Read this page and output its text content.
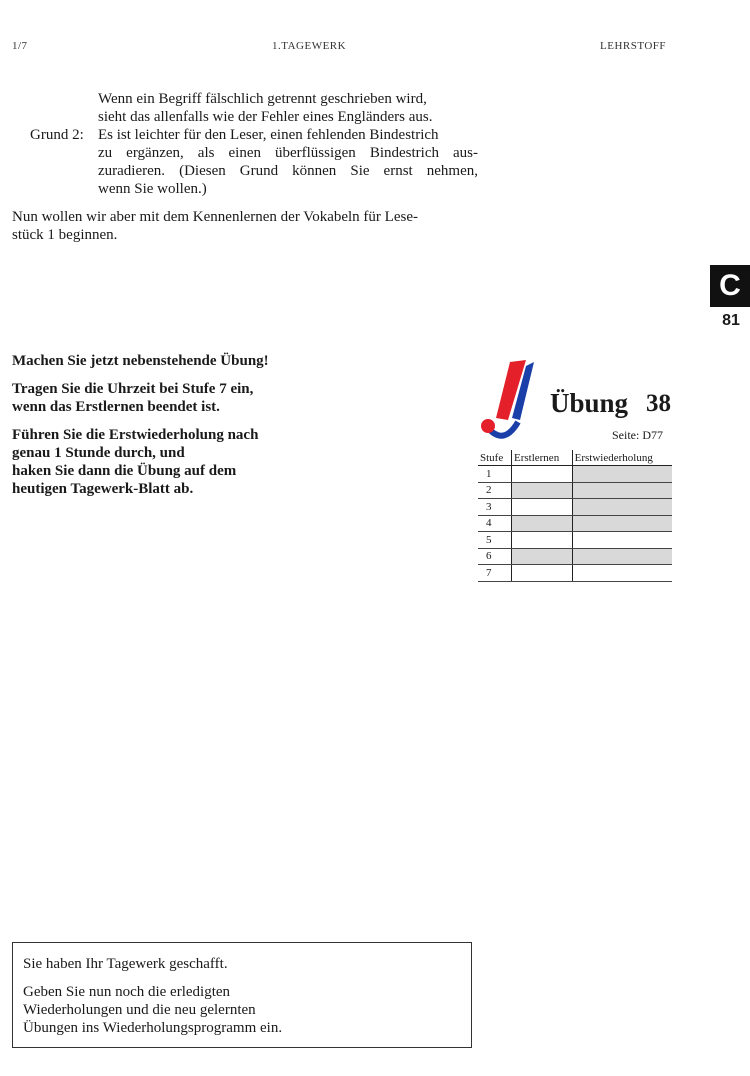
1/7	1.TAGEWERK	LEHRSTOFF
C
81
Wenn ein Begriff fälschlich getrennt geschrieben wird,
sieht das allenfalls wie der Fehler eines Engländers aus.
Grund 2: Es ist leichter für den Leser, einen fehlenden Bindestrich
zu ergänzen, als einen überflüssigen Bindestrich aus-
zuradieren. (Diesen Grund können Sie ernst nehmen,
wenn Sie wollen.)
Nun wollen wir aber mit dem Kennenlernen der Vokabeln für Lese-
stück 1 beginnen.
Machen Sie jetzt nebenstehende Übung!
Tragen Sie die Uhrzeit bei Stufe 7 ein,
wenn das Erstlernen beendet ist.
Führen Sie die Erstwiederholung nach
genau 1 Stunde durch, und
haken Sie dann die Übung auf dem
heutigen Tagewerk-Blatt ab.
Übung 38
Seite: D77
Stufe	Erstlernen	Erstwiederholung
1		
2		
3		
4		
5		
6		
7		

Sie haben Ihr Tagewerk geschafft.

Geben Sie nun noch die erledigten

Wiederholungen und die neu gelernten

Übungen ins Wiederholungsprogramm ein.
